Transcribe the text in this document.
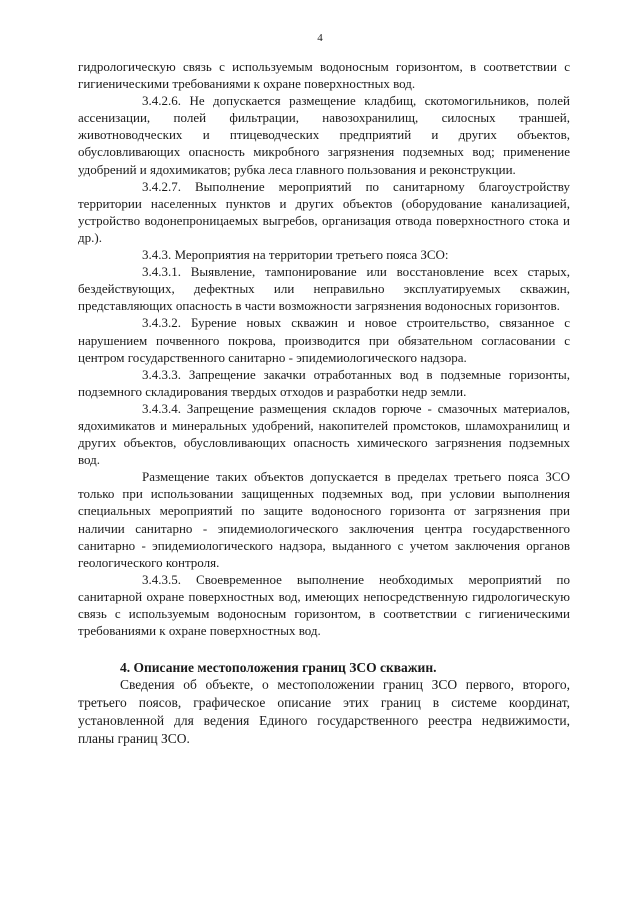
4

гидрологическую связь с используемым водоносным горизонтом, в соответствии с гигиеническими требованиями к охране поверхностных вод.

3.4.2.6. Не допускается размещение кладбищ, скотомогильников, полей ассенизации, полей фильтрации, навозохранилищ, силосных траншей, животноводческих и птицеводческих предприятий и других объектов, обусловливающих опасность микробного загрязнения подземных вод; применение удобрений и ядохимикатов; рубка леса главного пользования и реконструкции.

3.4.2.7. Выполнение мероприятий по санитарному благоустройству территории населенных пунктов и других объектов (оборудование канализацией, устройство водонепроницаемых выгребов, организация отвода поверхностного стока и др.).

3.4.3. Мероприятия на территории третьего пояса ЗСО:

3.4.3.1. Выявление, тампонирование или восстановление всех старых, бездействующих, дефектных или неправильно эксплуатируемых скважин, представляющих опасность в части возможности загрязнения водоносных горизонтов.

3.4.3.2. Бурение новых скважин и новое строительство, связанное с нарушением почвенного покрова, производится при обязательном согласовании с центром государственного санитарно - эпидемиологического надзора.

3.4.3.3. Запрещение закачки отработанных вод в подземные горизонты, подземного складирования твердых отходов и разработки недр земли.

3.4.3.4. Запрещение размещения складов горюче - смазочных материалов, ядохимикатов и минеральных удобрений, накопителей промстоков, шламохранилищ и других объектов, обусловливающих опасность химического загрязнения подземных вод.

Размещение таких объектов допускается в пределах третьего пояса ЗСО только при использовании защищенных подземных вод, при условии выполнения специальных мероприятий по защите водоносного горизонта от загрязнения при наличии санитарно - эпидемиологического заключения центра государственного санитарно - эпидемиологического надзора, выданного с учетом заключения органов геологического контроля.

3.4.3.5. Своевременное выполнение необходимых мероприятий по санитарной охране поверхностных вод, имеющих непосредственную гидрологическую связь с используемым водоносным горизонтом, в соответствии с гигиеническими требованиями к охране поверхностных вод.

4. Описание местоположения границ ЗСО скважин.

Сведения об объекте, о местоположении границ ЗСО первого, второго, третьего поясов, графическое описание этих границ в системе координат, установленной для ведения Единого государственного реестра недвижимости, планы границ ЗСО.
